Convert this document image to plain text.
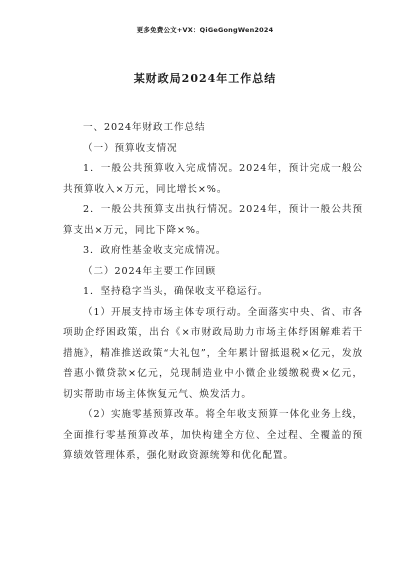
更多免费公文+VX：QiGeGongWen2024
某财政局2024年工作总结

一、2024年财政工作总结

（一）预算收支情况

1．一般公共预算收入完成情况。2024年，预计完成一般公共预算收入×万元，同比增长×%。

2．一般公共预算支出执行情况。2024年，预计一般公共预算支出×万元，同比下降×%。

3．政府性基金收支完成情况。

（二）2024年主要工作回顾

1．坚持稳字当头，确保收支平稳运行。

（1）开展支持市场主体专项行动。全面落实中央、省、市各项助企纾困政策，出台《×市财政局助力市场主体纾困解难若干措施》，精准推送政策“大礼包”，全年累计留抵退税×亿元，发放普惠小微贷款×亿元，兑现制造业中小微企业缓缴税费×亿元，切实帮助市场主体恢复元气、焕发活力。

（2）实施零基预算改革。将全年收支预算一体化业务上线，全面推行零基预算改革，加快构建全方位、全过程、全覆盖的预算绩效管理体系，强化财政资源统筹和优化配置。
